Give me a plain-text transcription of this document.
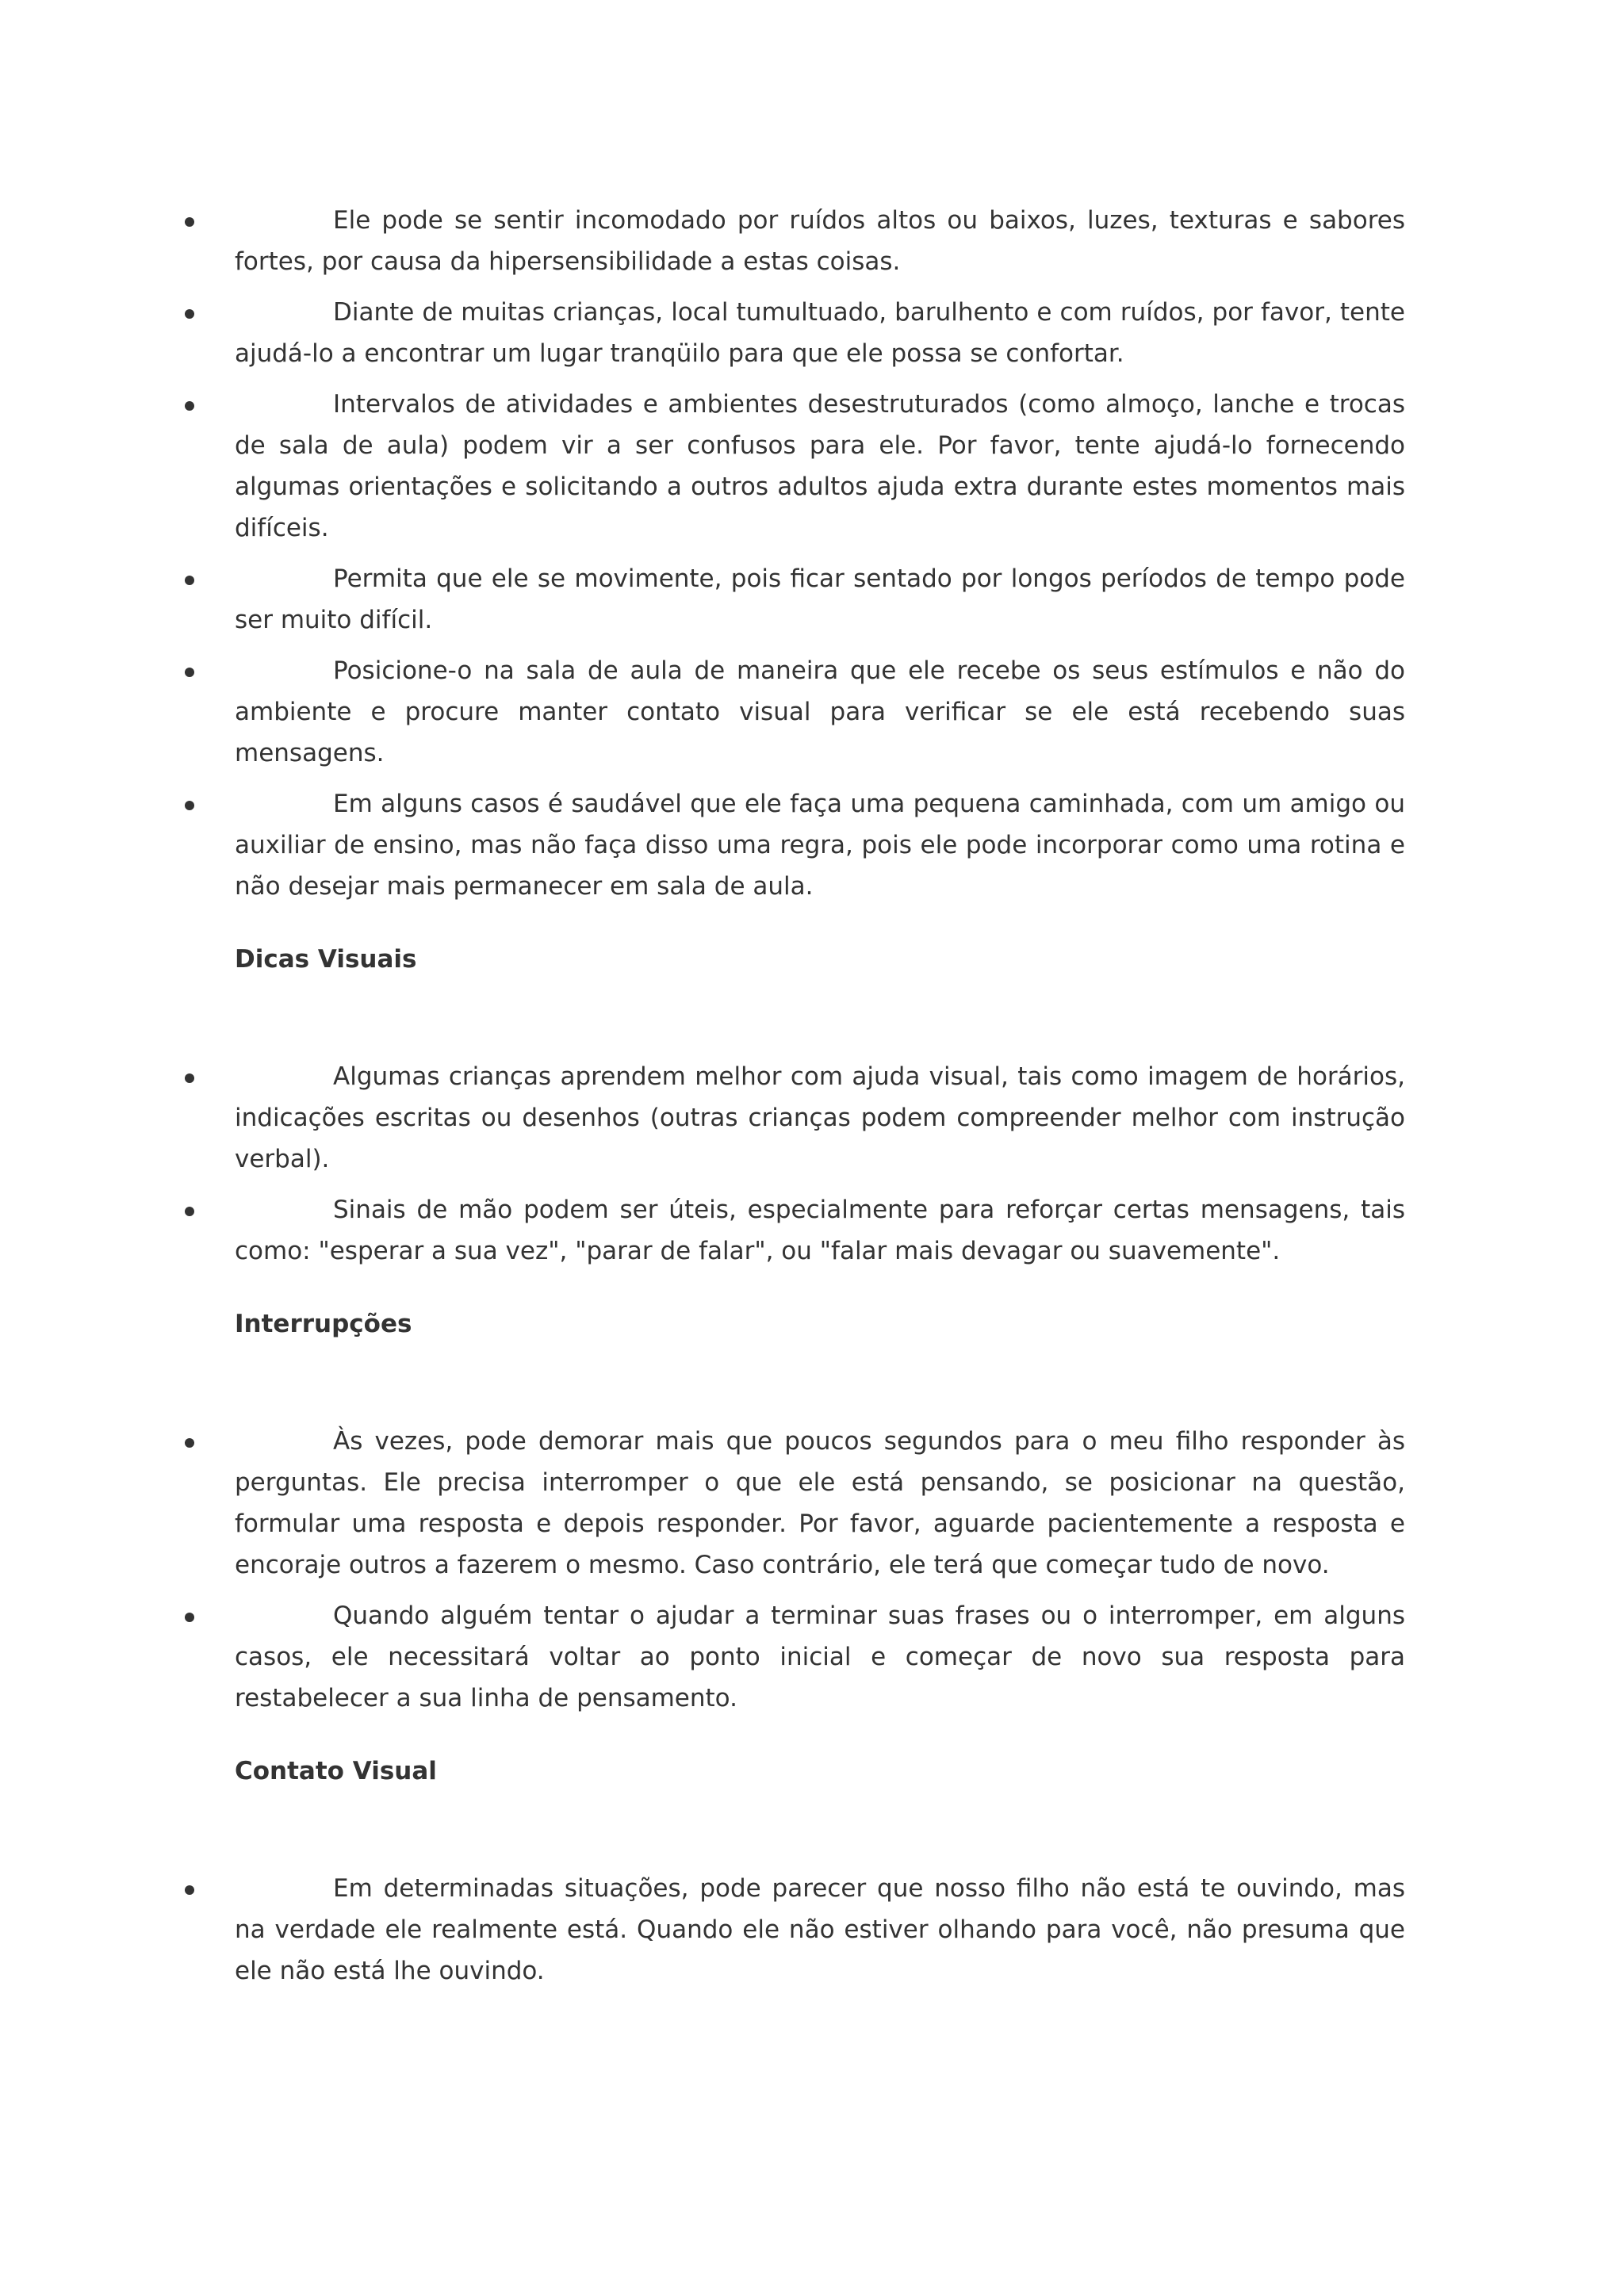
Ele pode se sentir incomodado por ruídos altos ou baixos, luzes, texturas e sabores fortes, por causa da hipersensibilidade a estas coisas.
Diante de muitas crianças, local tumultuado, barulhento e com ruídos, por favor, tente ajudá-lo a encontrar um lugar tranqüilo para que ele possa se confortar.
Intervalos de atividades e ambientes desestruturados (como almoço, lanche e trocas de sala de aula) podem vir a ser confusos para ele. Por favor, tente ajudá-lo fornecendo algumas orientações e solicitando a outros adultos ajuda extra durante estes momentos mais difíceis.
Permita que ele se movimente, pois ficar sentado por longos períodos de tempo pode ser muito difícil.
Posicione-o na sala de aula de maneira que ele recebe os seus estímulos e não do ambiente e procure manter contato visual para verificar se ele está recebendo suas mensagens.
Em alguns casos é saudável que ele faça uma pequena caminhada, com um amigo ou auxiliar de ensino, mas não faça disso uma regra, pois ele pode incorporar como uma rotina e não desejar mais permanecer em sala de aula.
Dicas Visuais
Algumas crianças aprendem melhor com ajuda visual, tais como imagem de horários, indicações escritas ou desenhos (outras crianças podem compreender melhor com instrução verbal).
Sinais de mão podem ser úteis, especialmente para reforçar certas mensagens, tais como: "esperar a sua vez", "parar de falar", ou "falar mais devagar ou suavemente".
Interrupções
Às vezes, pode demorar mais que poucos segundos para o meu filho responder às perguntas. Ele precisa interromper o que ele está pensando, se posicionar na questão, formular uma resposta e depois responder. Por favor, aguarde pacientemente a resposta e encoraje outros a fazerem o mesmo. Caso contrário, ele terá que começar tudo de novo.
Quando alguém tentar o ajudar a terminar suas frases ou o interromper, em alguns casos, ele necessitará voltar ao ponto inicial e começar de novo sua resposta para restabelecer a sua linha de pensamento.
Contato Visual
Em determinadas situações, pode parecer que nosso filho não está te ouvindo, mas na verdade ele realmente está. Quando ele não estiver olhando para você, não presuma que ele não está lhe ouvindo.
